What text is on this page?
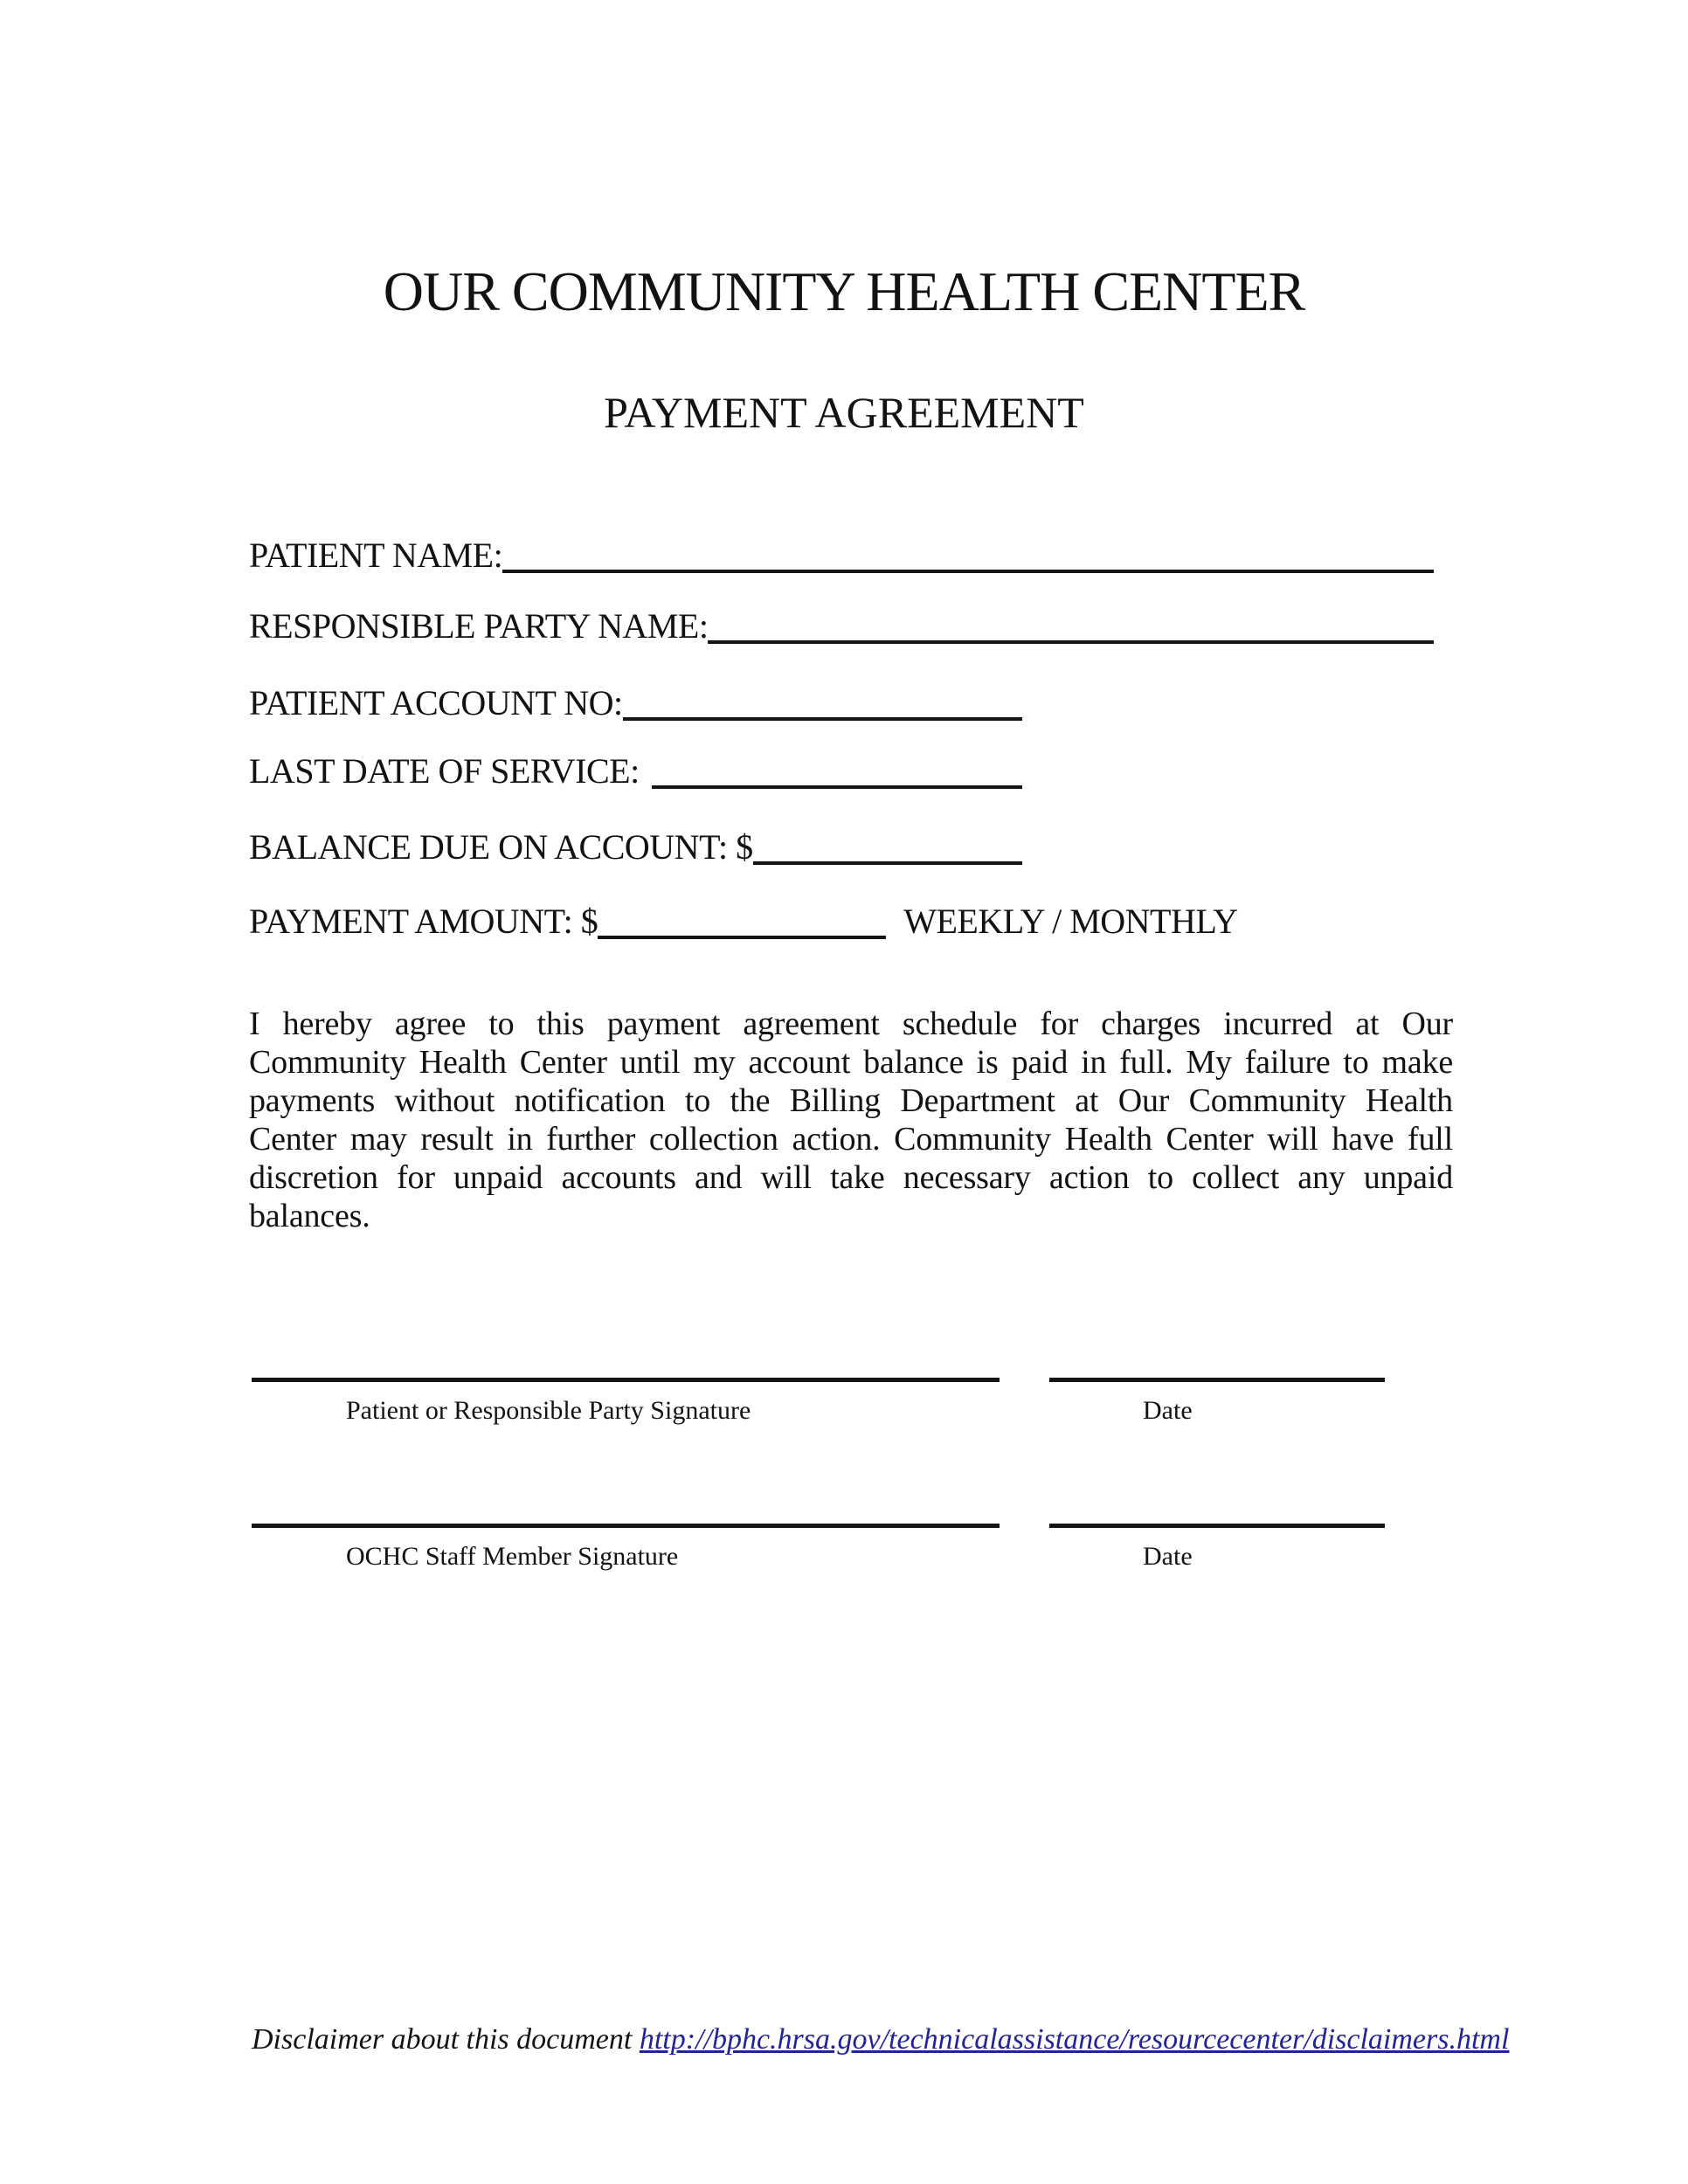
OUR COMMUNITY HEALTH CENTER
PAYMENT AGREEMENT
PATIENT NAME:
RESPONSIBLE PARTY NAME:
PATIENT ACCOUNT NO:
LAST DATE OF SERVICE:
BALANCE DUE ON ACCOUNT: $
PAYMENT AMOUNT: $	WEEKLY / MONTHLY
I hereby agree to this payment agreement schedule for charges incurred at Our
Community Health Center until my account balance is paid in full. My failure to make
payments without notification to the Billing Department at Our Community Health
Center may result in further collection action. Community Health Center will have full
discretion for unpaid accounts and will take necessary action to collect any unpaid
balances.
Patient or Responsible Party Signature	Date
OCHC Staff Member Signature	Date
Disclaimer about this document http://bphc.hrsa.gov/technicalassistance/resourcecenter/disclaimers.html
